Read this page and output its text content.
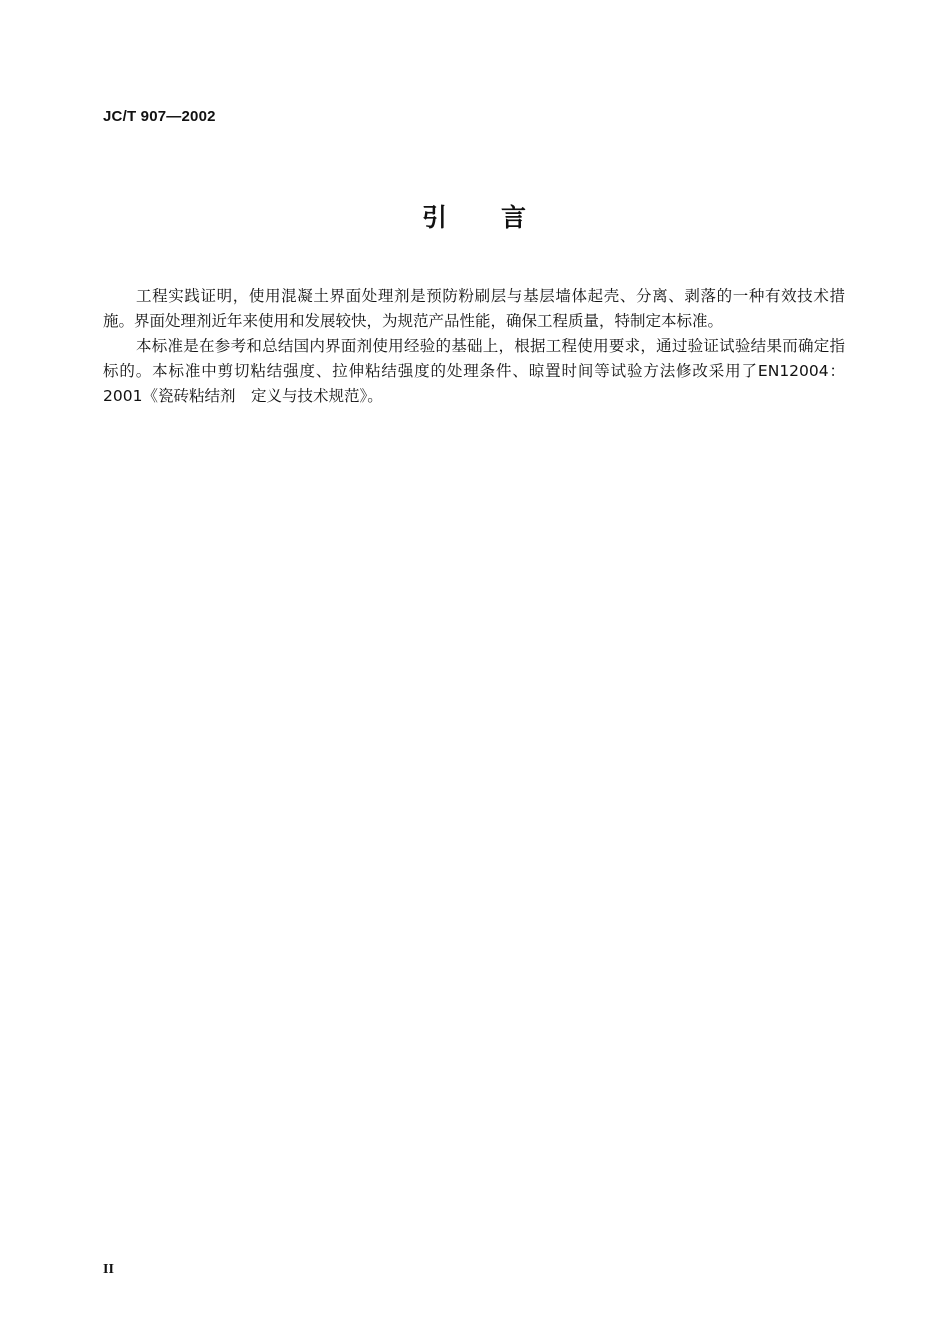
JC/T 907—2002
引 言

工程实践证明，使用混凝土界面处理剂是预防粉刷层与基层墙体起壳、分离、剥落的一种有效技术措施。界面处理剂近年来使用和发展较快，为规范产品性能，确保工程质量，特制定本标准。

本标准是在参考和总结国内界面剂使用经验的基础上，根据工程使用要求，通过验证试验结果而确定指标的。本标准中剪切粘结强度、拉伸粘结强度的处理条件、晾置时间等试验方法修改采用了EN12004：2001《瓷砖粘结剂　定义与技术规范》。

II
